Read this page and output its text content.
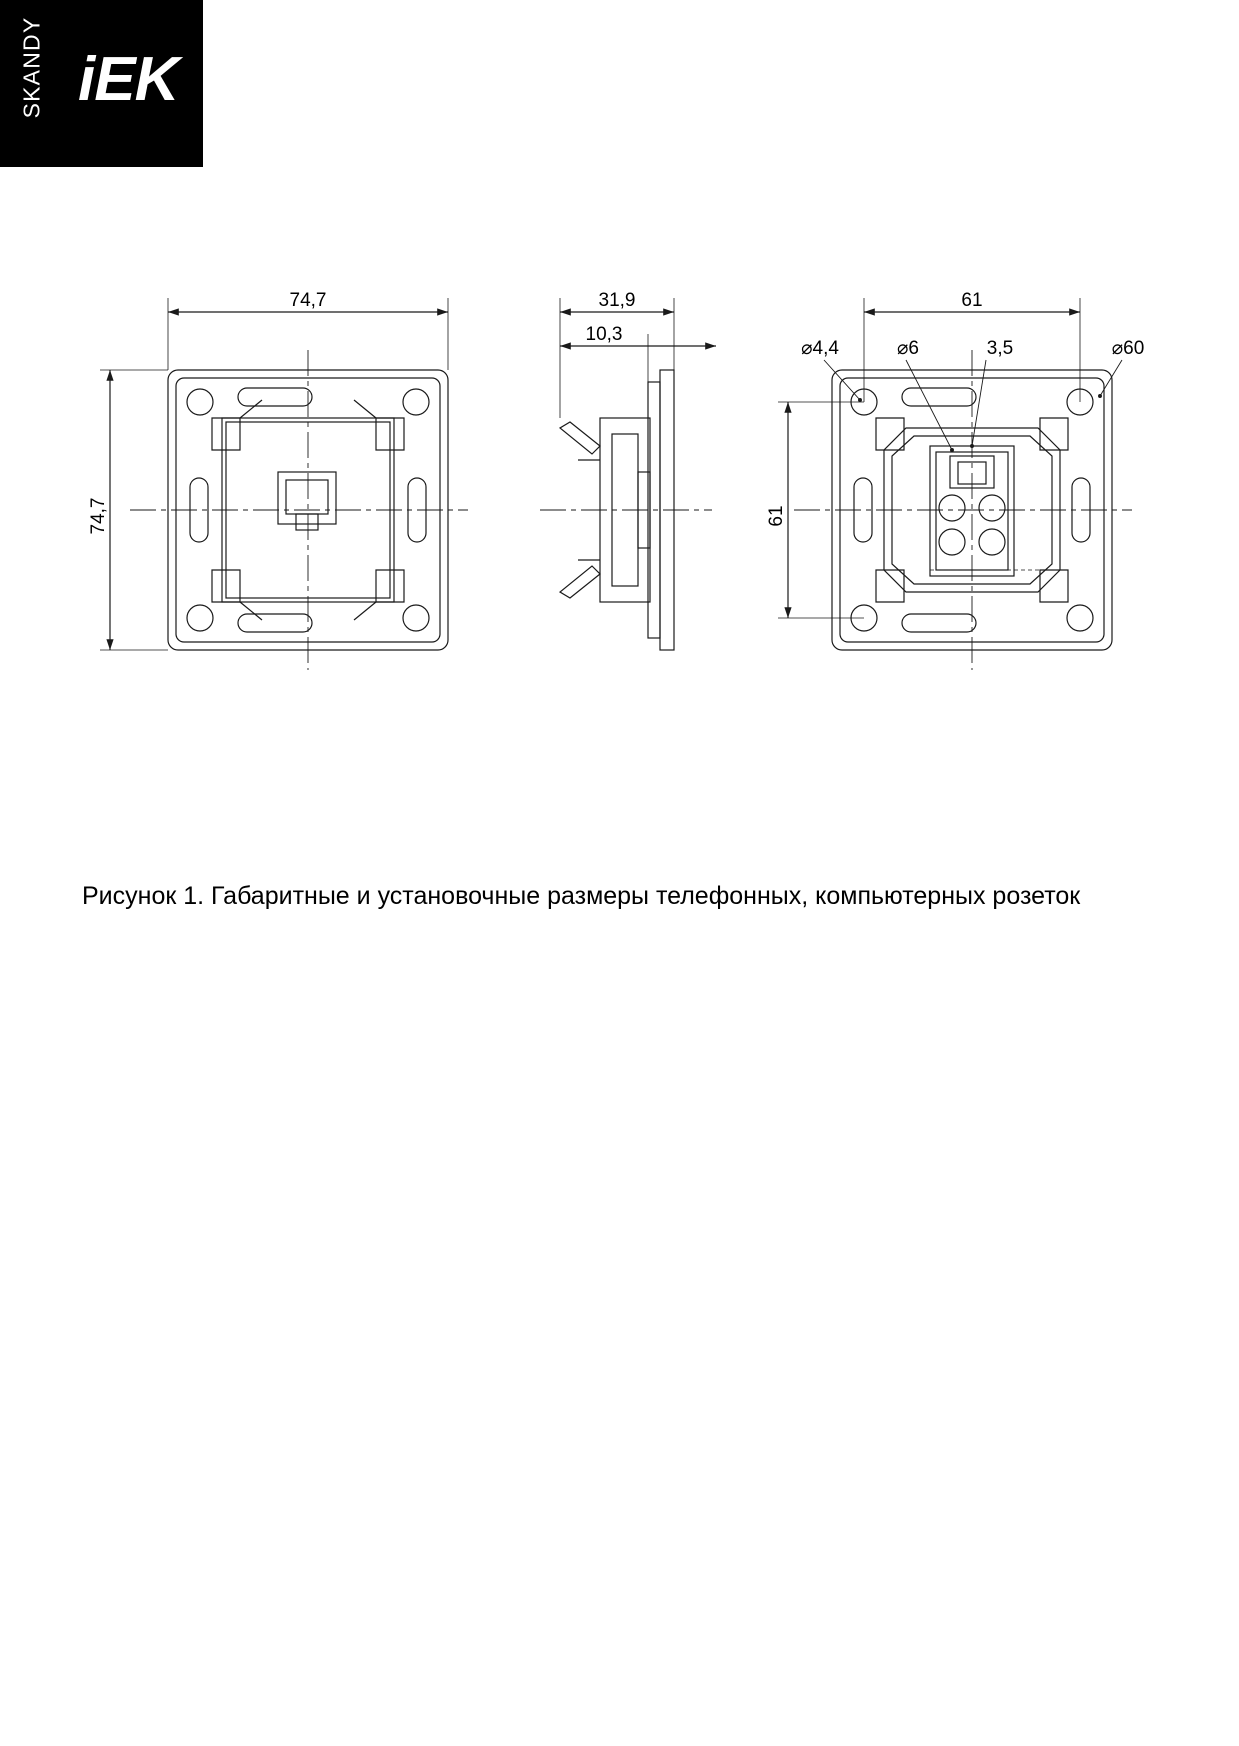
SKANDY iEK
74,7
74,7
31,9
10,3
61
61
⌀4,4	⌀6	3,5	⌀60
Рисунок 1. Габаритные и установочные размеры телефонных, компьютерных розеток
